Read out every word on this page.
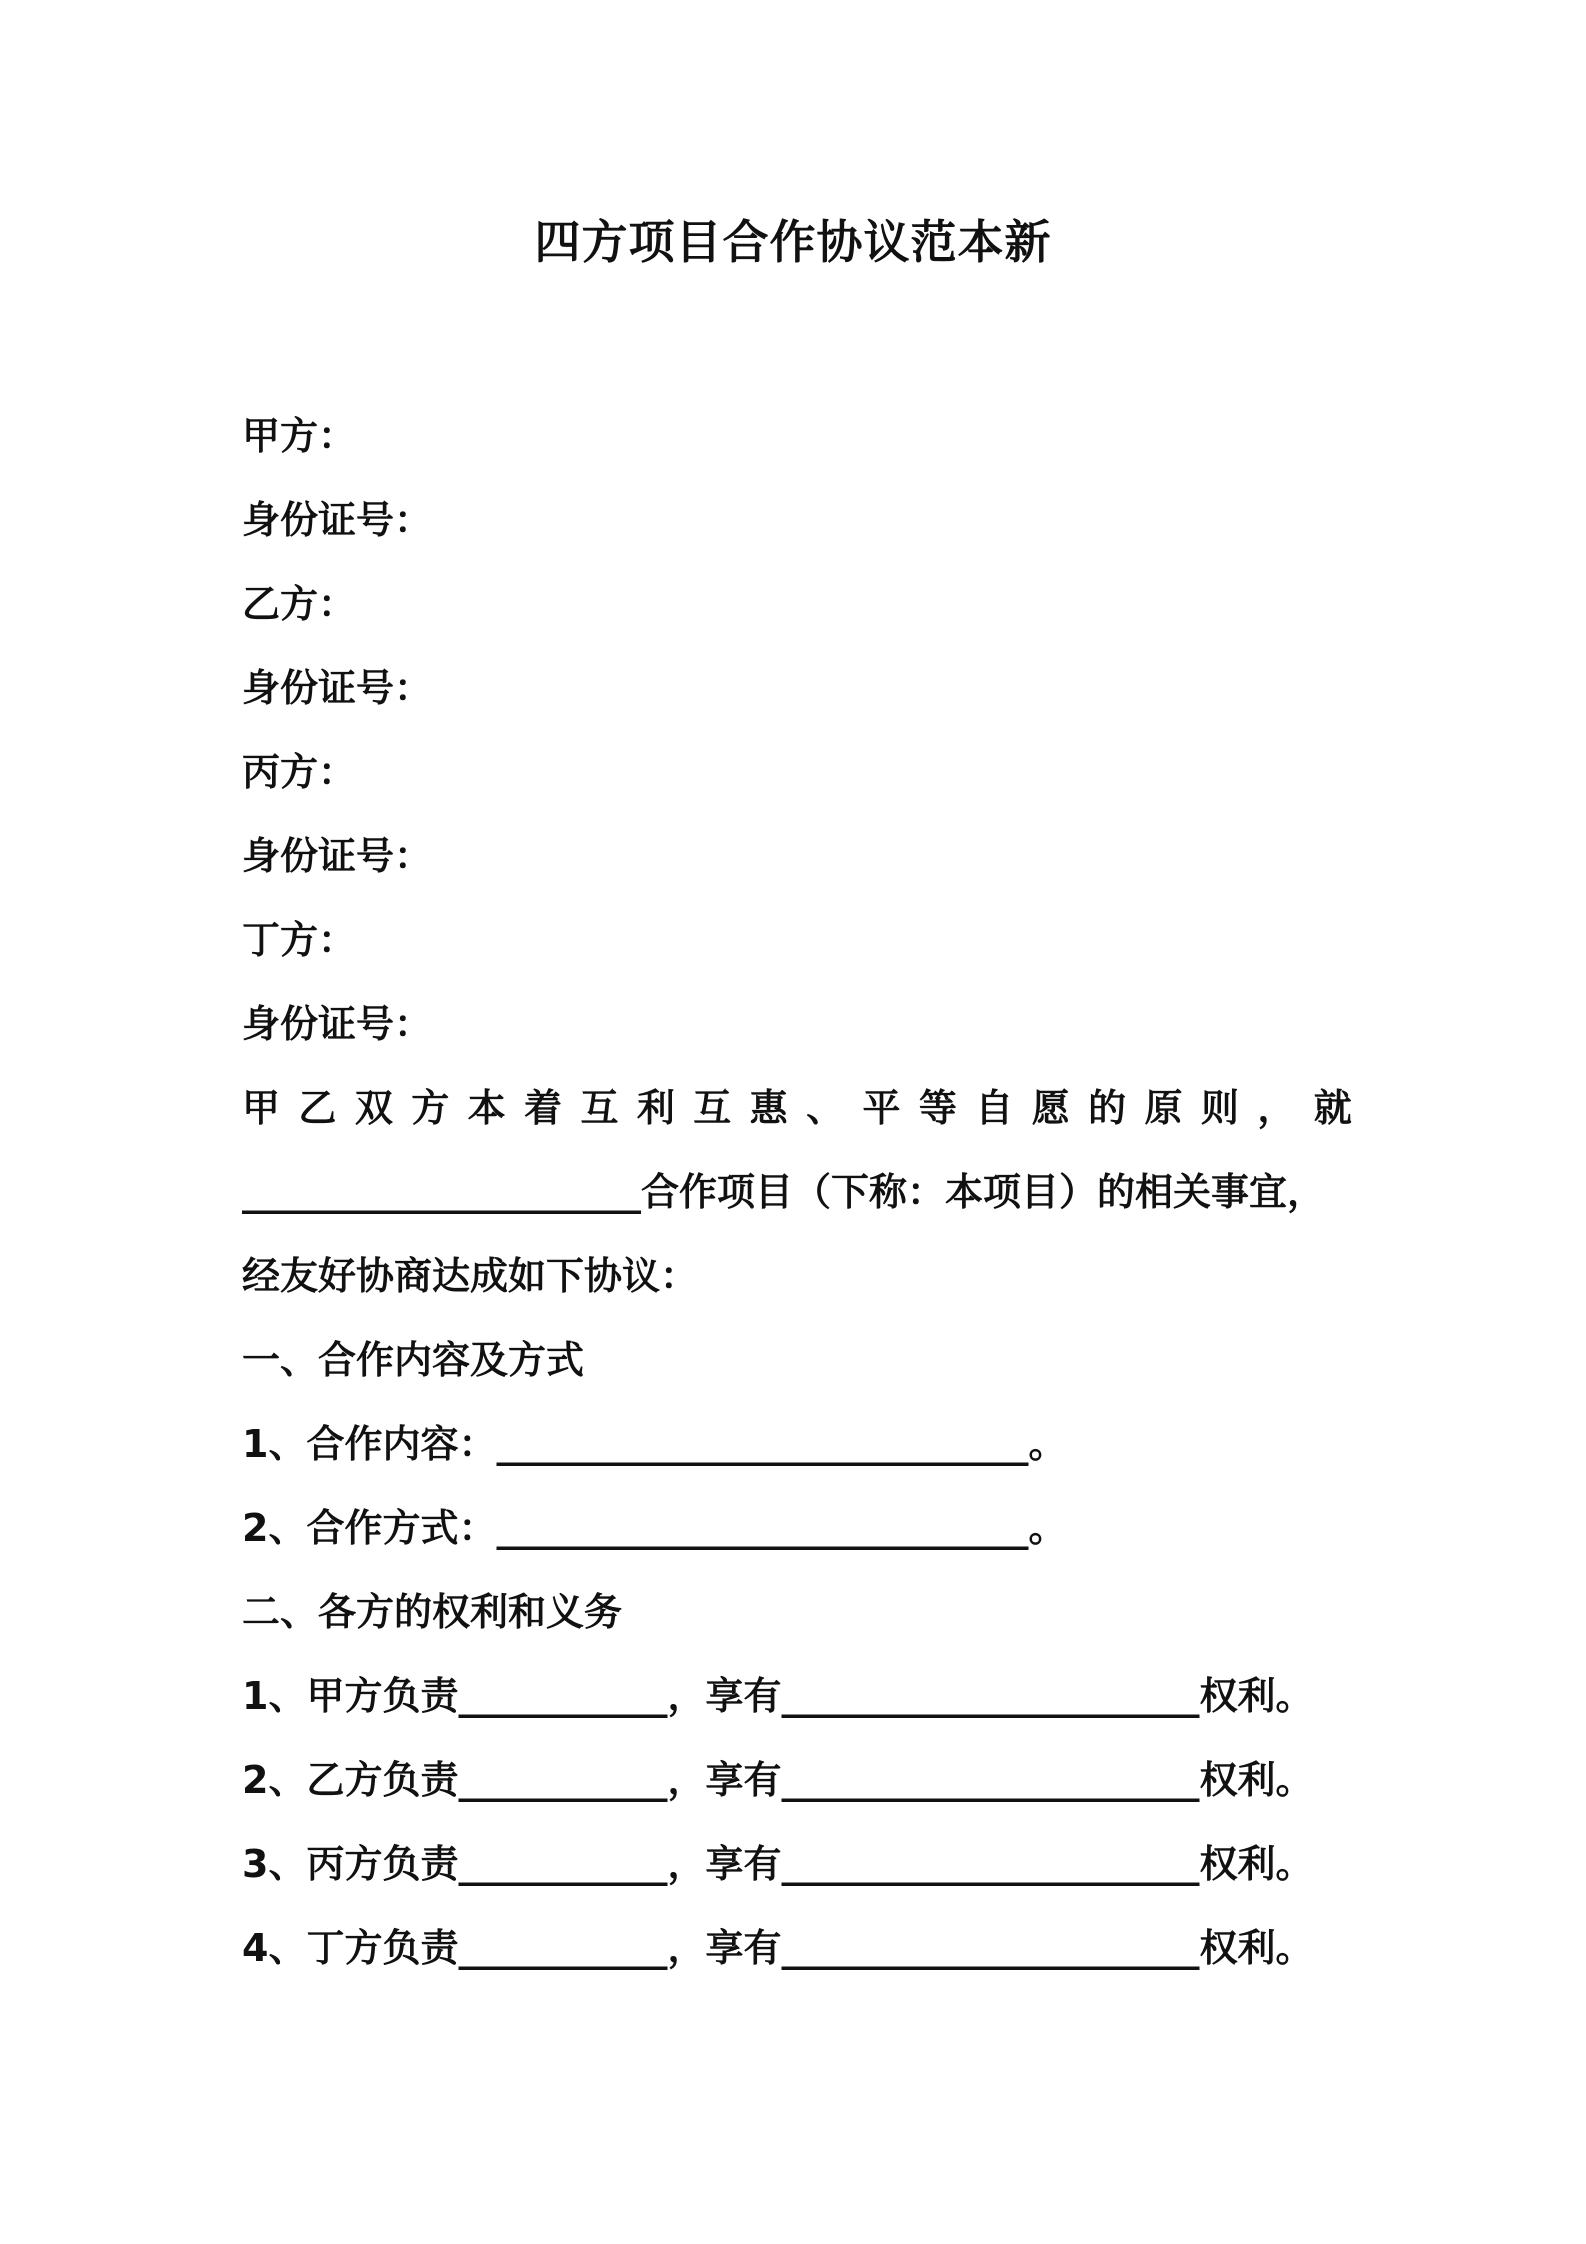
四方项目合作协议范本新
甲方：
身份证号：
乙方：
身份证号：
丙方：
身份证号：
丁方：
身份证号：
甲 乙 双 方 本 着 互 利 互 惠 、 平 等 自 愿 的 原 则 ， 就
_____________________合作项目（下称：本项目）的相关事宜，
经友好协商达成如下协议：
一、合作内容及方式
1、合作内容：____________________________。
2、合作方式：____________________________。
二、各方的权利和义务
1、甲方负责___________，享有______________________权利。
2、乙方负责___________，享有______________________权利。
3、丙方负责___________，享有______________________权利。
4、丁方负责___________，享有______________________权利。
